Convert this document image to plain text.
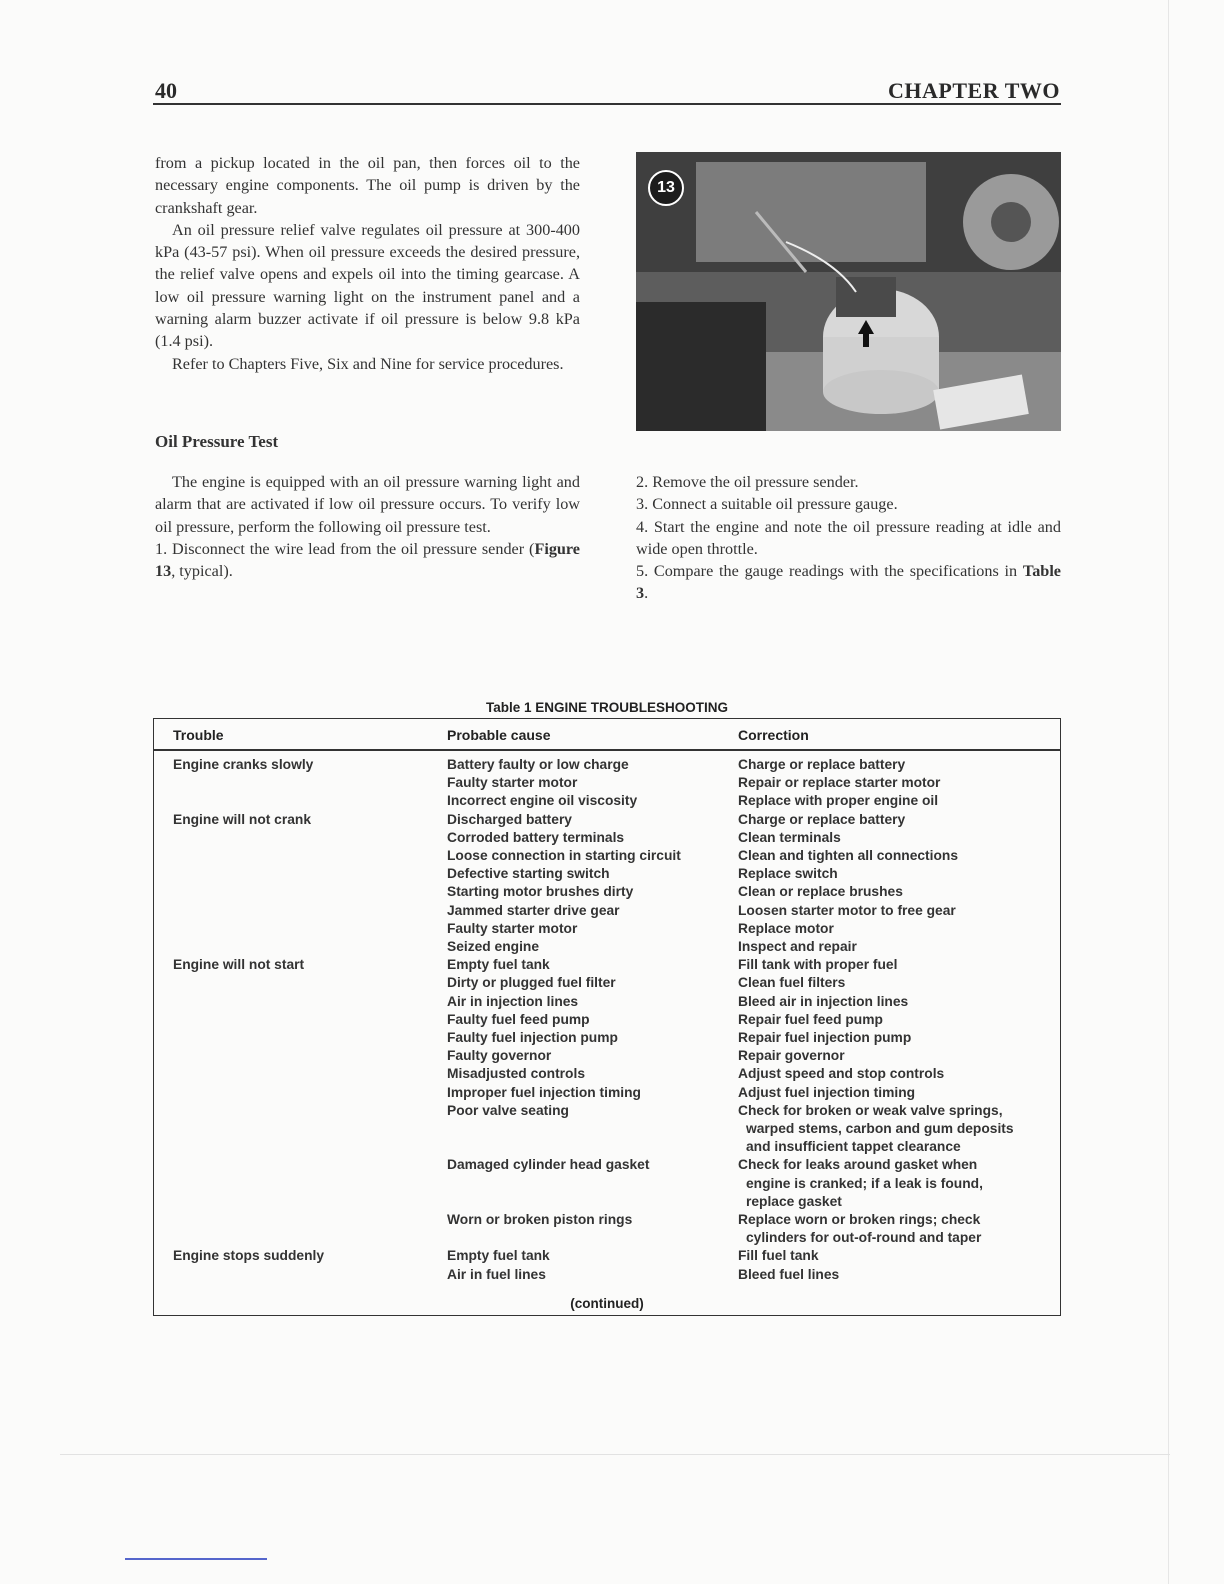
40	CHAPTER TWO

from a pickup located in the oil pan, then forces oil to the necessary engine components. The oil pump is driven by the crankshaft gear.

An oil pressure relief valve regulates oil pressure at 300-400 kPa (43-57 psi). When oil pressure exceeds the desired pressure, the relief valve opens and expels oil into the timing gearcase. A low oil pressure warning light on the instrument panel and a warning alarm buzzer activate if oil pressure is below 9.8 kPa (1.4 psi).

Refer to Chapters Five, Six and Nine for service procedures.

Oil Pressure Test

The engine is equipped with an oil pressure warning light and alarm that are activated if low oil pressure occurs. To verify low oil pressure, perform the following oil pressure test.

1. Disconnect the wire lead from the oil pressure sender (Figure 13, typical).

13

2. Remove the oil pressure sender.

3. Connect a suitable oil pressure gauge.

4. Start the engine and note the oil pressure reading at idle and wide open throttle.

5. Compare the gauge readings with the specifications in Table 3.

Table 1 ENGINE TROUBLESHOOTING
Trouble	Probable cause	Correction
Engine cranks slowly	Battery faulty or low charge	Charge or replace battery
Faulty starter motor	Repair or replace starter motor
Incorrect engine oil viscosity	Replace with proper engine oil
Engine will not crank	Discharged battery	Charge or replace battery
Corroded battery terminals	Clean terminals
Loose connection in starting circuit	Clean and tighten all connections
Defective starting switch	Replace switch
Starting motor brushes dirty	Clean or replace brushes
Jammed starter drive gear	Loosen starter motor to free gear
Faulty starter motor	Replace motor
Seized engine	Inspect and repair
Engine will not start	Empty fuel tank	Fill tank with proper fuel
Dirty or plugged fuel filter	Clean fuel filters
Air in injection lines	Bleed air in injection lines
Faulty fuel feed pump	Repair fuel feed pump
Faulty fuel injection pump	Repair fuel injection pump
Faulty governor	Repair governor
Misadjusted controls	Adjust speed and stop controls
Improper fuel injection timing	Adjust fuel injection timing
Poor valve seating	Check for broken or weak valve springs,
warped stems, carbon and gum deposits
and insufficient tappet clearance
Damaged cylinder head gasket	Check for leaks around gasket when
engine is cranked; if a leak is found,
replace gasket
Worn or broken piston rings	Replace worn or broken rings; check
cylinders for out-of-round and taper
Engine stops suddenly	Empty fuel tank	Fill fuel tank
Air in fuel lines	Bleed fuel lines
(continued)
